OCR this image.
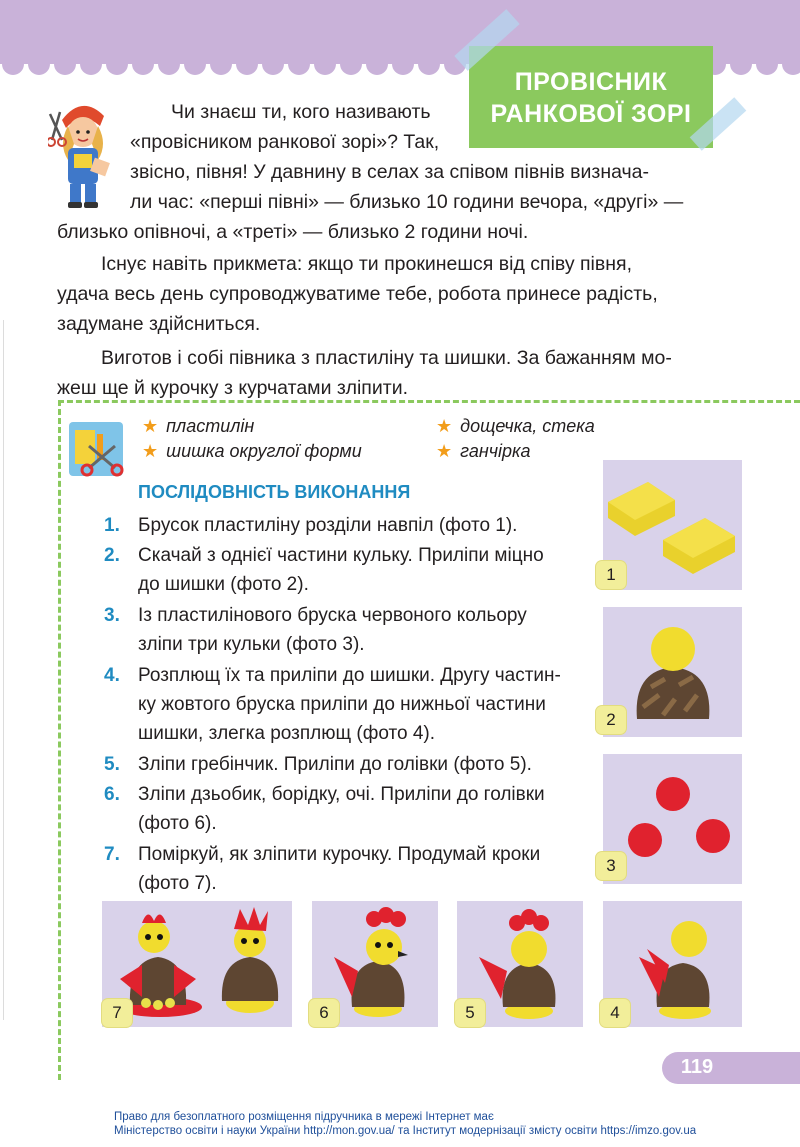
ПРОВІСНИК
РАНКОВОЇ ЗОРІ

Чи знаєш ти, кого називають

«провісником ранкової зорі»? Так,

звісно, півня! У давнину в селах за співом півнів визнача-

ли час: «перші півні» — близько 10 години вечора, «другі» —

близько опівночі, а «треті» — близько 2 години ночі.

Існує навіть прикмета: якщо ти прокинешся від співу півня,

удача весь день супроводжуватиме тебе, робота принесе радість,

задумане здійсниться.

Виготов і собі півника з пластиліну та шишки. За бажанням мо-

жеш ще й курочку з курчатами зліпити.

★ пластилін
★ шишка округлої форми
★ дощечка, стека
★ ганчірка
ПОСЛІДОВНІСТЬ ВИКОНАННЯ
1. Брусок пластиліну розділи навпіл (фото 1).
2. Скачай з однієї частини кульку. Приліпи міцно
до шишки (фото 2).
3. Із пластилінового бруска червоного кольору
зліпи три кульки (фото 3).
4. Розплющ їх та приліпи до шишки. Другу частин-
ку жовтого бруска приліпи до нижньої частини
шишки, злегка розплющ (фото 4).
5. Зліпи гребінчик. Приліпи до голівки (фото 5).
6. Зліпи дзьобик, борідку, очі. Приліпи до голівки
(фото 6).
7. Поміркуй, як зліпити курочку. Продумай кроки
(фото 7).
1
2
3
7	6	5	4
119
Право для безоплатного розміщення підручника в мережі Інтернет має
Міністерство освіти і науки України http://mon.gov.ua/ та Інститут модернізації змісту освіти https://imzo.gov.ua
